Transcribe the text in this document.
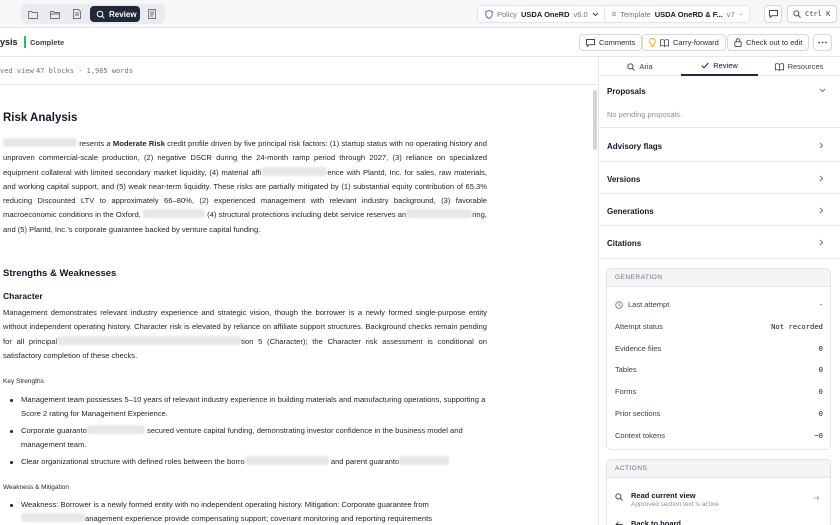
Review	Policy USDA OneRD v6.0	Template USDA OneRD & F... v7	Ctrl K
ysis Complete	Comments	Carry-forward	Check out to edit
ved view 47 blocks · 1,965 words
Risk Analysis
resents a Moderate Risk credit profile driven by five principal risk factors: (1) startup status with no operating history and unproven commercial-scale production, (2) negative DSCR during the 24-month ramp period through 2027, (3) reliance on specialized equipment collateral with limited secondary market liquidity, (4) material affi	ence with Plantd, Inc. for sales, raw materials, and working capital support, and (5) weak near-term liquidity. These risks are partially mitigated by (1) substantial equity contribution of 65.3% reducing Discounted LTV to approximately 66–80%, (2) experienced management with relevant industry background, (3) favorable macroeconomic conditions in the Oxford,	(4) structural protections including debt service reserves an	ring, and (5) Plantd, Inc.’s corporate guarantee backed by venture capital funding.
Strengths & Weaknesses
Character
Management demonstrates relevant industry experience and strategic vision, though the borrower is a newly formed single-purpose entity without independent operating history. Character risk is elevated by reliance on affiliate support structures. Background checks remain pending for all principal	tion 5 (Character); the Character risk assessment is conditional on satisfactory completion of these checks.
Key Strengths
Management team possesses 5–10 years of relevant industry experience in building materials and manufacturing operations, supporting a Score 2 rating for Management Experience.
Corporate guaranto	secured venture capital funding, demonstrating investor confidence in the business model and management team.
Clear organizational structure with defined roles between the borro	and parent guaranto
Weakness & Mitigation
Weakness: Borrower is a newly formed entity with no independent operating history. Mitigation: Corporate guarantee from
anagement experience provide compensating support; covenant monitoring and reporting requirements
Aria	Review	Resources
Proposals
No pending proposals.
Advisory flags
Versions
Generations
Citations
GENERATION
Last attempt	-
Attempt status	Not recorded
Evidence files	0
Tables	0
Forms	0
Prior sections	0
Context tokens	~0
ACTIONS
Read current view
Approved section text is active
Back to board
